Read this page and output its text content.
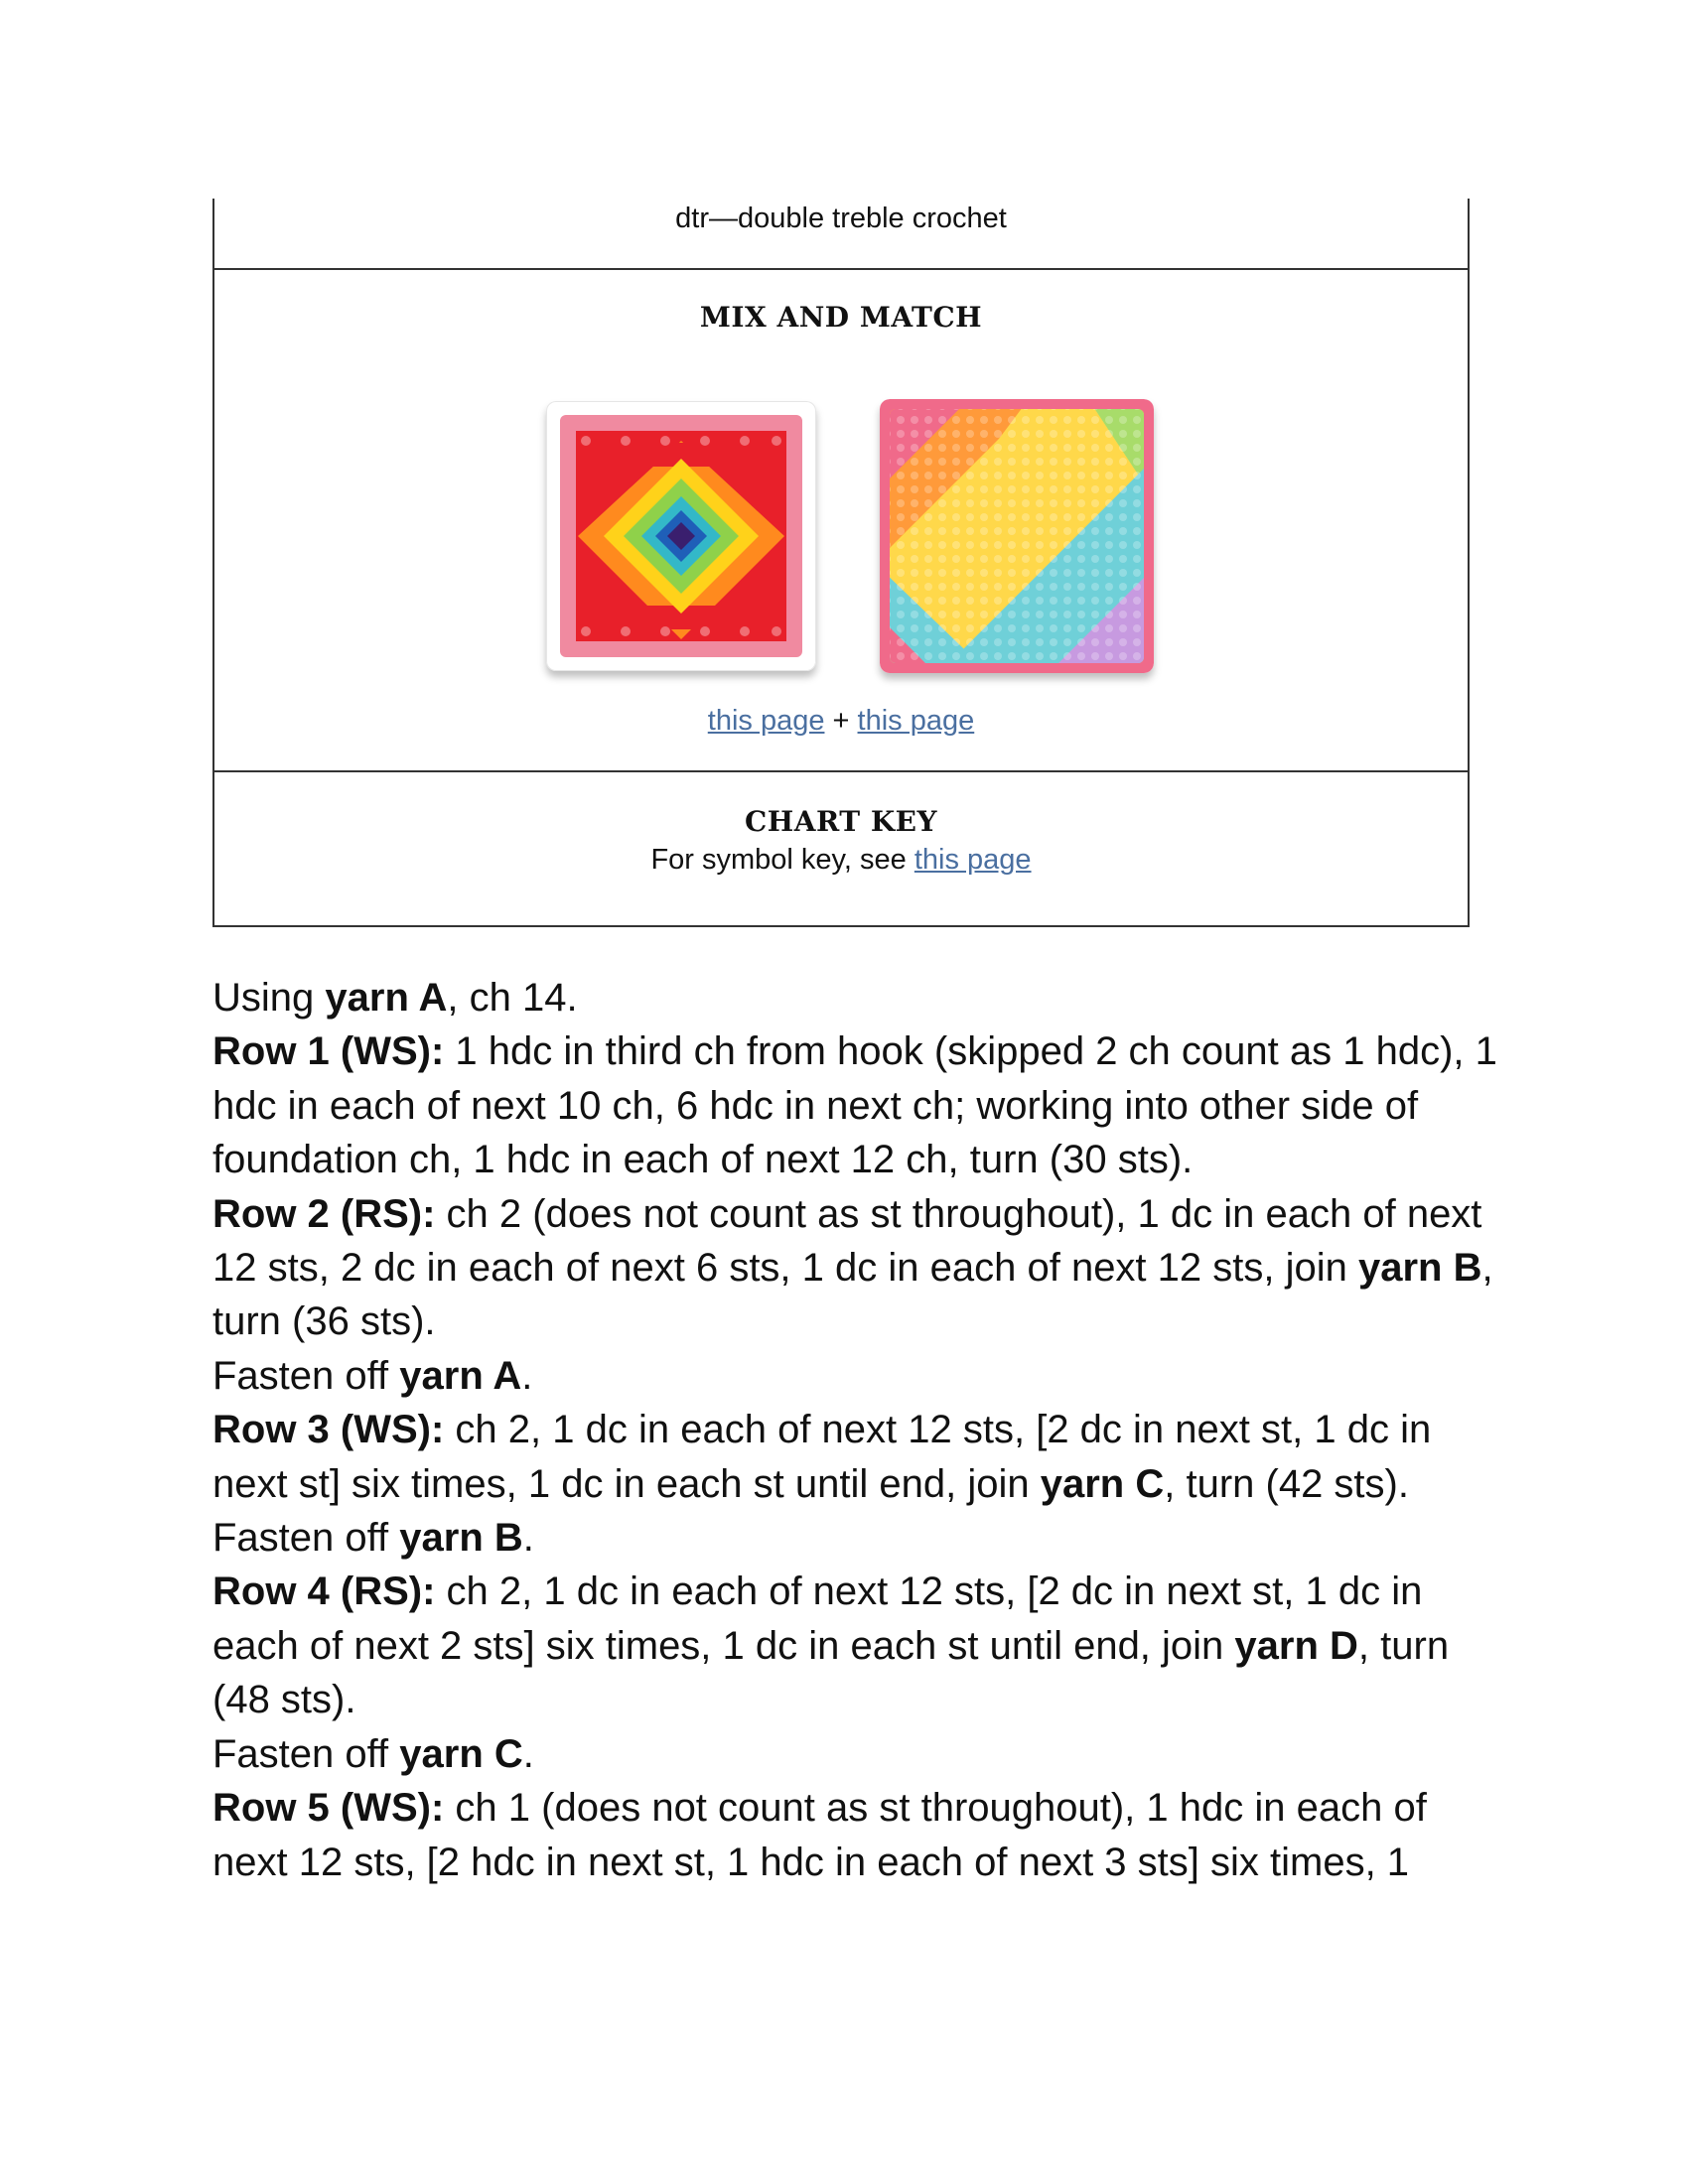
dtr—double treble crochet
MIX AND MATCH
this page + this page
CHART KEY
For symbol key, see this page

Using yarn A, ch 14.

Row 1 (WS): 1 hdc in third ch from hook (skipped 2 ch count as 1 hdc), 1 hdc in each of next 10 ch, 6 hdc in next ch; working into other side of foundation ch, 1 hdc in each of next 12 ch, turn (30 sts).

Row 2 (RS): ch 2 (does not count as st throughout), 1 dc in each of next 12 sts, 2 dc in each of next 6 sts, 1 dc in each of next 12 sts, join yarn B, turn (36 sts).

Fasten off yarn A.

Row 3 (WS): ch 2, 1 dc in each of next 12 sts, [2 dc in next st, 1 dc in next st] six times, 1 dc in each st until end, join yarn C, turn (42 sts).

Fasten off yarn B.

Row 4 (RS): ch 2, 1 dc in each of next 12 sts, [2 dc in next st, 1 dc in each of next 2 sts] six times, 1 dc in each st until end, join yarn D, turn (48 sts).

Fasten off yarn C.

Row 5 (WS): ch 1 (does not count as st throughout), 1 hdc in each of next 12 sts, [2 hdc in next st, 1 hdc in each of next 3 sts] six times, 1
